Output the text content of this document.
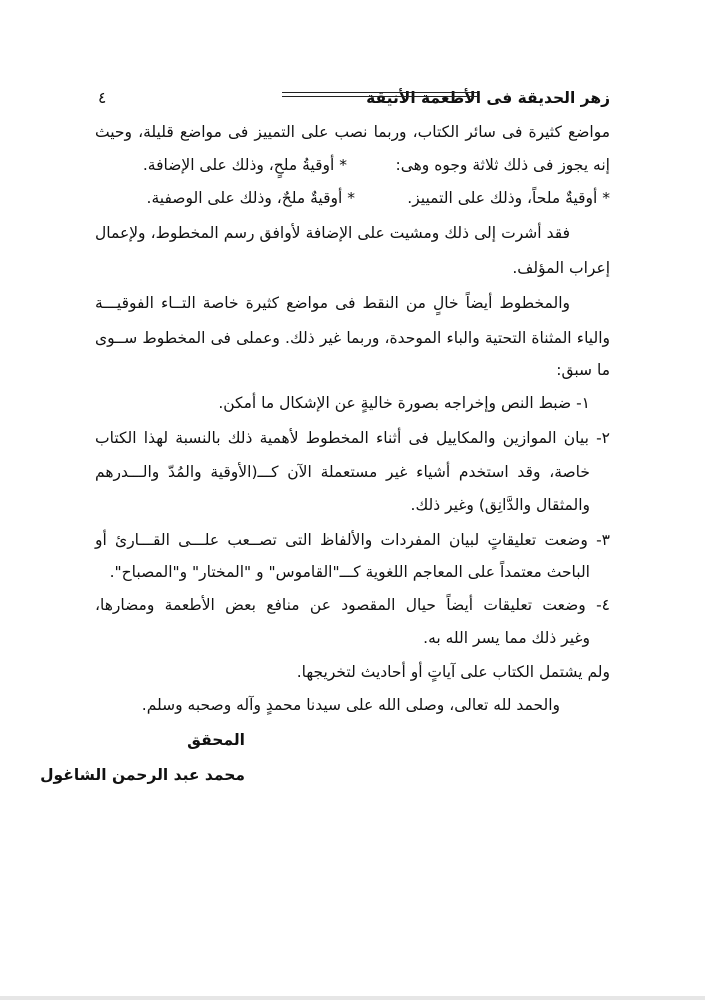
زهر الحديقة فى الأطعمة الأنيقة
٤
مواضع كثيرة فى سائر الكتاب، وربما نصب على التمييز فى مواضع قليلة، وحيث
إنه يجوز فى ذلك ثلاثة وجوه وهى:
* أوقيةُ ملحٍ، وذلك على الإضافة.
* أوقيةٌ ملحاً، وذلك على التمييز.
* أوقيةٌ ملحٌ، وذلك على الوصفية.
فقد أشرت إلى ذلك ومشيت على الإضافة لأوافق رسم المخطوط، ولإعمال
إعراب المؤلف.
والمخطوط أيضاً خالٍ من النقط فى مواضع كثيرة خاصة التــاء الفوقيـــة
والياء المثناة التحتية والباء الموحدة، وربما غير ذلك. وعملى فى المخطوط ســوى
ما سبق:
١- ضبط النص وإخراجه بصورة خاليةٍ عن الإشكال ما أمكن.
٢- بيان الموازين والمكاييل فى أثناء المخطوط لأهمية ذلك بالنسبة لهذا الكتاب
خاصة، وقد استخدم أشياء غير مستعملة الآن كـــ(الأوقية والمُدّ والـــدرهم
والمثقال والدَّانِق) وغير ذلك.
٣- وضعت تعليقاتٍ لبيان المفردات والألفاظ التى تصــعب علـــى القـــارئ أو
الباحث معتمداً على المعاجم اللغوية كـــ"القاموس" و "المختار" و"المصباح".
٤- وضعت تعليقات أيضاً حيال المقصود عن منافع بعض الأطعمة ومضارها،
وغير ذلك مما يسر الله به.
ولم يشتمل الكتاب على آياتٍ أو أحاديث لتخريجها.
والحمد لله تعالى، وصلى الله على سيدنا محمدٍ وآله وصحبه وسلم.
المحقق
محمد عبد الرحمن الشاغول
